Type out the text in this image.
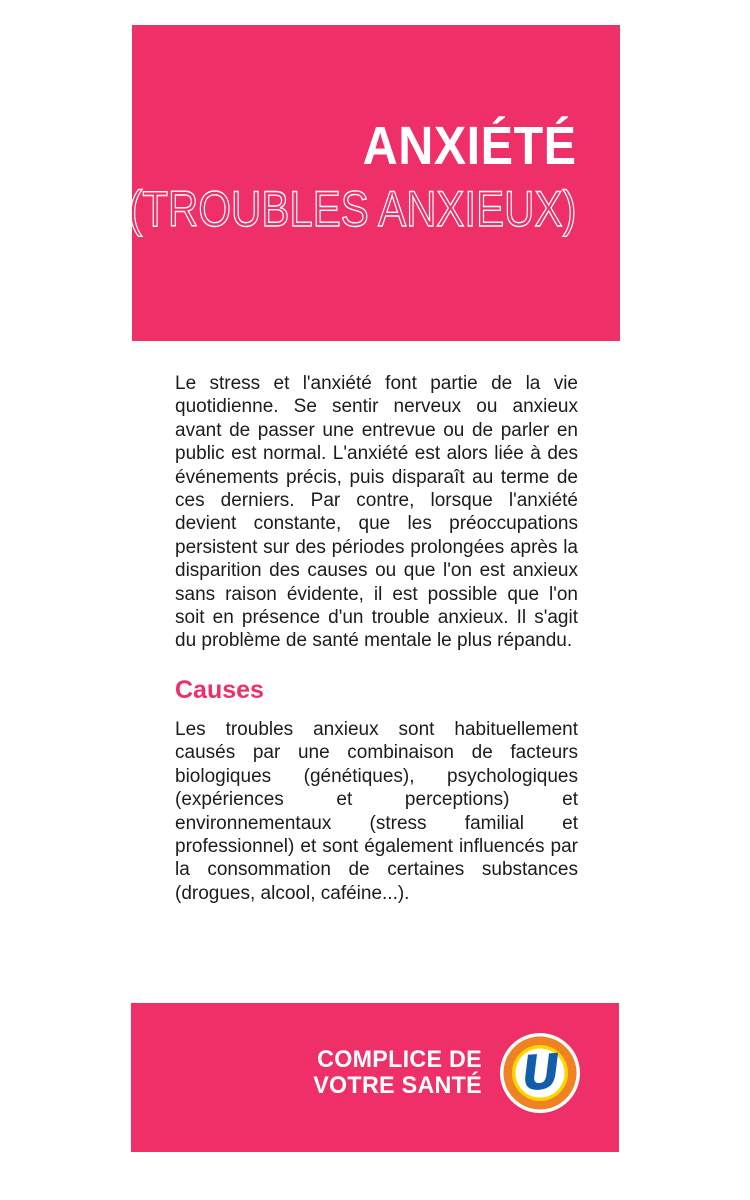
ANXIÉTÉ
(TROUBLES ANXIEUX)

Le stress et l'anxiété font partie de la vie quotidienne. Se sentir nerveux ou anxieux avant de passer une entrevue ou de parler en public est normal. L'anxiété est alors liée à des événements précis, puis disparaît au terme de ces derniers. Par contre, lorsque l'anxiété devient constante, que les préoccupations persistent sur des périodes prolongées après la disparition des causes ou que l'on est anxieux sans raison évidente, il est possible que l'on soit en présence d'un trouble anxieux. Il s'agit du problème de santé mentale le plus répandu.

Causes

Les troubles anxieux sont habituellement causés par une combinaison de facteurs biologiques (génétiques), psychologiques (expériences et perceptions) et environnementaux (stress familial et professionnel) et sont également influencés par la consommation de certaines substances (drogues, alcool, caféine...).

COMPLICE DE
VOTRE SANTÉ U
